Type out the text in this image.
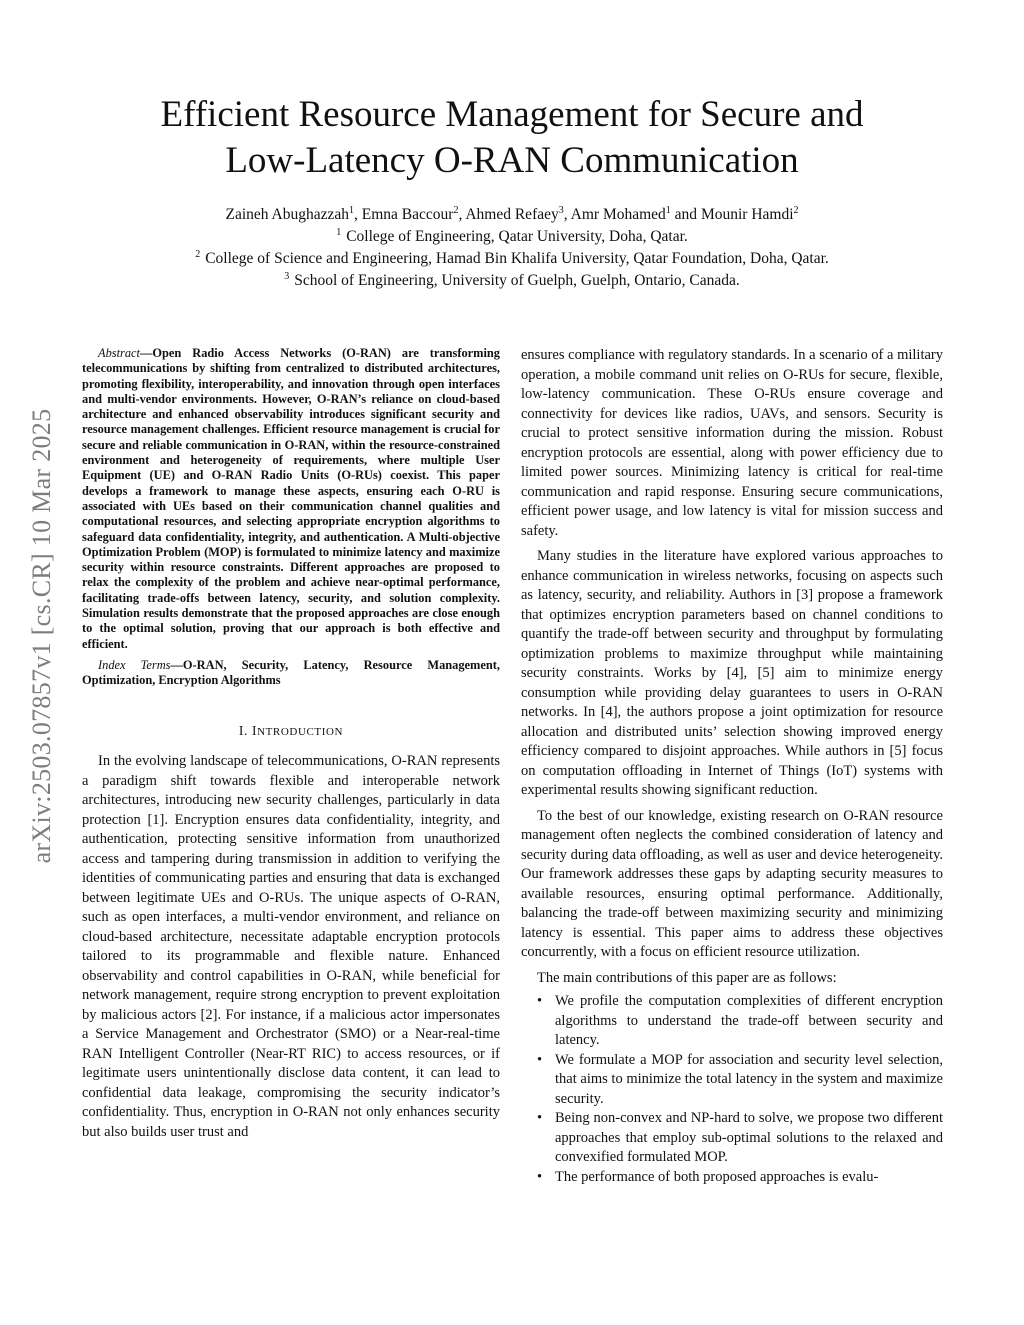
Efficient Resource Management for Secure and
Low-Latency O-RAN Communication
Zaineh Abughazzah$^1$, Emna Baccour$^2$, Ahmed Refaey$^3$, Amr Mohamed$^1$ and Mounir Hamdi$^2$
$^1$ College of Engineering, Qatar University, Doha, Qatar.
$^2$ College of Science and Engineering, Hamad Bin Khalifa University, Qatar Foundation, Doha, Qatar.
$^3$ School of Engineering, University of Guelph, Guelph, Ontario, Canada.
arXiv:2503.07857v1 [cs.CR] 10 Mar 2025

Abstract—Open Radio Access Networks (O-RAN) are transforming telecommunications by shifting from centralized to distributed architectures, promoting flexibility, interoperability, and innovation through open interfaces and multi-vendor environments. However, O-RAN’s reliance on cloud-based architecture and enhanced observability introduces significant security and resource management challenges. Efficient resource management is crucial for secure and reliable communication in O-RAN, within the resource-constrained environment and heterogeneity of requirements, where multiple User Equipment (UE) and O-RAN Radio Units (O-RUs) coexist. This paper develops a framework to manage these aspects, ensuring each O-RU is associated with UEs based on their communication channel qualities and computational resources, and selecting appropriate encryption algorithms to safeguard data confidentiality, integrity, and authentication. A Multi-objective Optimization Problem (MOP) is formulated to minimize latency and maximize security within resource constraints. Different approaches are proposed to relax the complexity of the problem and achieve near-optimal performance, facilitating trade-offs between latency, security, and solution complexity. Simulation results demonstrate that the proposed approaches are close enough to the optimal solution, proving that our approach is both effective and efficient.

Index Terms—O-RAN, Security, Latency, Resource Management, Optimization, Encryption Algorithms

I. INTRODUCTION

In the evolving landscape of telecommunications, O-RAN represents a paradigm shift towards flexible and interoperable network architectures, introducing new security challenges, particularly in data protection [1]. Encryption ensures data confidentiality, integrity, and authentication, protecting sensitive information from unauthorized access and tampering during transmission in addition to verifying the identities of communicating parties and ensuring that data is exchanged between legitimate UEs and O-RUs. The unique aspects of O-RAN, such as open interfaces, a multi-vendor environment, and reliance on cloud-based architecture, necessitate adaptable encryption protocols tailored to its programmable and flexible nature. Enhanced observability and control capabilities in O-RAN, while beneficial for network management, require strong encryption to prevent exploitation by malicious actors [2]. For instance, if a malicious actor impersonates a Service Management and Orchestrator (SMO) or a Near-real-time RAN Intelligent Controller (Near-RT RIC) to access resources, or if legitimate users unintentionally disclose data content, it can lead to confidential data leakage, compromising the security indicator’s confidentiality. Thus, encryption in O-RAN not only enhances security but also builds user trust and

ensures compliance with regulatory standards. In a scenario of a military operation, a mobile command unit relies on O-RUs for secure, flexible, low-latency communication. These O-RUs ensure coverage and connectivity for devices like radios, UAVs, and sensors. Security is crucial to protect sensitive information during the mission. Robust encryption protocols are essential, along with power efficiency due to limited power sources. Minimizing latency is critical for real-time communication and rapid response. Ensuring secure communications, efficient power usage, and low latency is vital for mission success and safety.

Many studies in the literature have explored various approaches to enhance communication in wireless networks, focusing on aspects such as latency, security, and reliability. Authors in [3] propose a framework that optimizes encryption parameters based on channel conditions to quantify the trade-off between security and throughput by formulating optimization problems to maximize throughput while maintaining security constraints. Works by [4], [5] aim to minimize energy consumption while providing delay guarantees to users in O-RAN networks. In [4], the authors propose a joint optimization for resource allocation and distributed units’ selection showing improved energy efficiency compared to disjoint approaches. While authors in [5] focus on computation offloading in Internet of Things (IoT) systems with experimental results showing significant reduction.

To the best of our knowledge, existing research on O-RAN resource management often neglects the combined consideration of latency and security during data offloading, as well as user and device heterogeneity. Our framework addresses these gaps by adapting security measures to available resources, ensuring optimal performance. Additionally, balancing the trade-off between maximizing security and minimizing latency is essential. This paper aims to address these objectives concurrently, with a focus on efficient resource utilization.

The main contributions of this paper are as follows:

• We profile the computation complexities of different encryption algorithms to understand the trade-off between security and latency.
• We formulate a MOP for association and security level selection, that aims to minimize the total latency in the system and maximize security.
• Being non-convex and NP-hard to solve, we propose two different approaches that employ sub-optimal solutions to the relaxed and convexified formulated MOP.
• The performance of both proposed approaches is evalu-
